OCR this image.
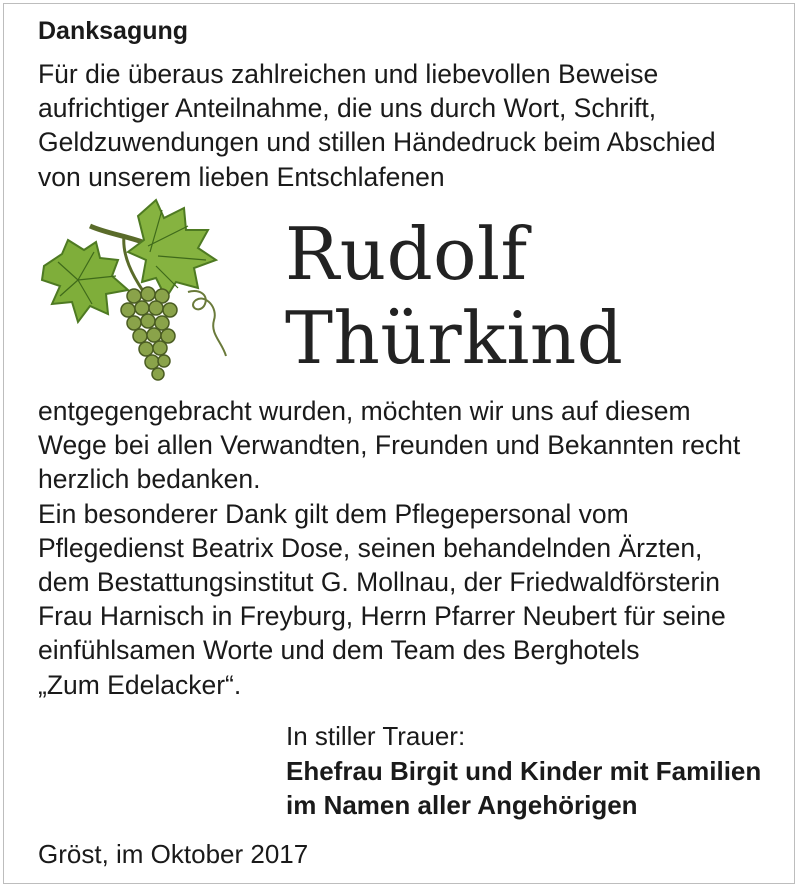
Danksagung
Für die überaus zahlreichen und liebevollen Beweise
aufrichtiger Anteilnahme, die uns durch Wort, Schrift,
Geldzuwendungen und stillen Händedruck beim Abschied
von unserem lieben Entschlafenen
Rudolf
Thürkind
entgegengebracht wurden, möchten wir uns auf diesem
Wege bei allen Verwandten, Freunden und Bekannten recht
herzlich bedanken.
Ein besonderer Dank gilt dem Pflegepersonal vom
Pflegedienst Beatrix Dose, seinen behandelnden Ärzten,
dem Bestattungsinstitut G. Mollnau, der Friedwaldförsterin
Frau Harnisch in Freyburg, Herrn Pfarrer Neubert für seine
einfühlsamen Worte und dem Team des Berghotels
„Zum Edelacker“.
In stiller Trauer:
Ehefrau Birgit und Kinder mit Familien
im Namen aller Angehörigen
Gröst, im Oktober 2017
